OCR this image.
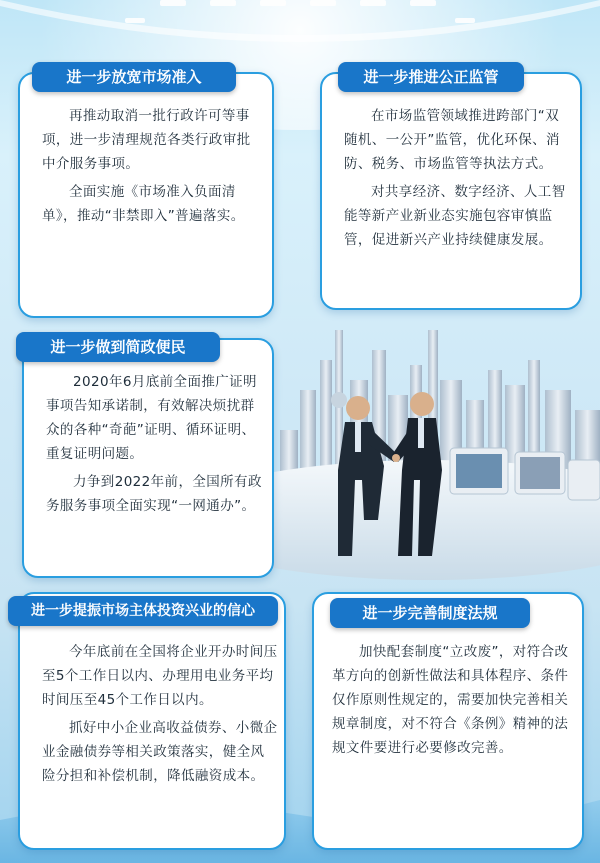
进一步放宽市场准入

再推动取消一批行政许可等事项，进一步清理规范各类行政审批中介服务事项。

全面实施《市场准入负面清单》，推动“非禁即入”普遍落实。

进一步推进公正监管

在市场监管领域推进跨部门“双随机、一公开”监管，优化环保、消防、税务、市场监管等执法方式。

对共享经济、数字经济、人工智能等新产业新业态实施包容审慎监管，促进新兴产业持续健康发展。

进一步做到简政便民

2020年6月底前全面推广证明事项告知承诺制，有效解决烦扰群众的各种“奇葩”证明、循环证明、重复证明问题。

力争到2022年前，全国所有政务服务事项全面实现“一网通办”。

进一步提振市场主体投资兴业的信心

今年底前在全国将企业开办时间压至5个工作日以内、办理用电业务平均时间压至45个工作日以内。

抓好中小企业高收益债券、小微企业金融债券等相关政策落实，健全风险分担和补偿机制，降低融资成本。

进一步完善制度法规

加快配套制度“立改废”，对符合改革方向的创新性做法和具体程序、条件仅作原则性规定的，需要加快完善相关规章制度，对不符合《条例》精神的法规文件要进行必要修改完善。
